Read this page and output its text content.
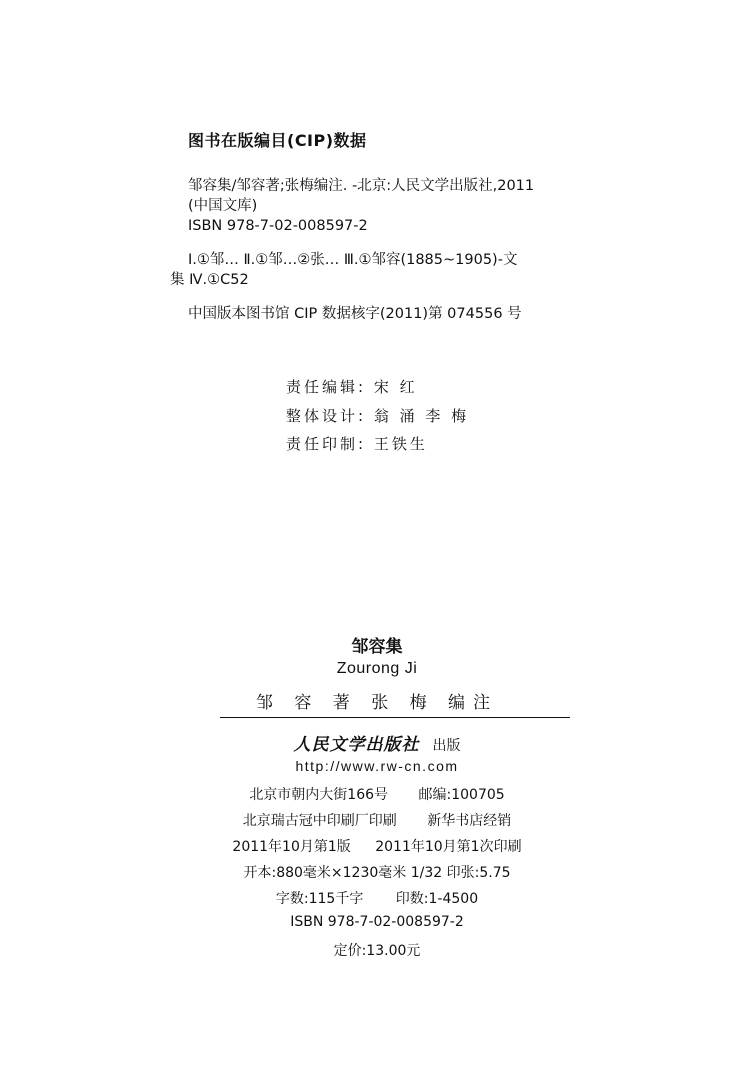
图书在版编目(CIP)数据
邹容集/邹容著;张梅编注. -北京:人民文学出版社,2011
(中国文库)
ISBN 978-7-02-008597-2
Ⅰ.①邹… Ⅱ.①邹…②张… Ⅲ.①邹容(1885~1905)-文
集 Ⅳ.①C52
中国版本图书馆 CIP 数据核字(2011)第 074556 号
责任编辑: 宋 红
整体设计: 翁 涌 李 梅
责任印制: 王铁生
邹容集
Zourong Ji
邹 容 著 张 梅 编注
人民文学出版社 出版
http://www.rw-cn.com
北京市朝内大街166号 邮编:100705
北京瑞古冠中印刷厂印刷 新华书店经销
2011年10月第1版 2011年10月第1次印刷
开本:880毫米×1230毫米 1/32 印张:5.75
字数:115千字 印数:1-4500
ISBN 978-7-02-008597-2
定价:13.00元
